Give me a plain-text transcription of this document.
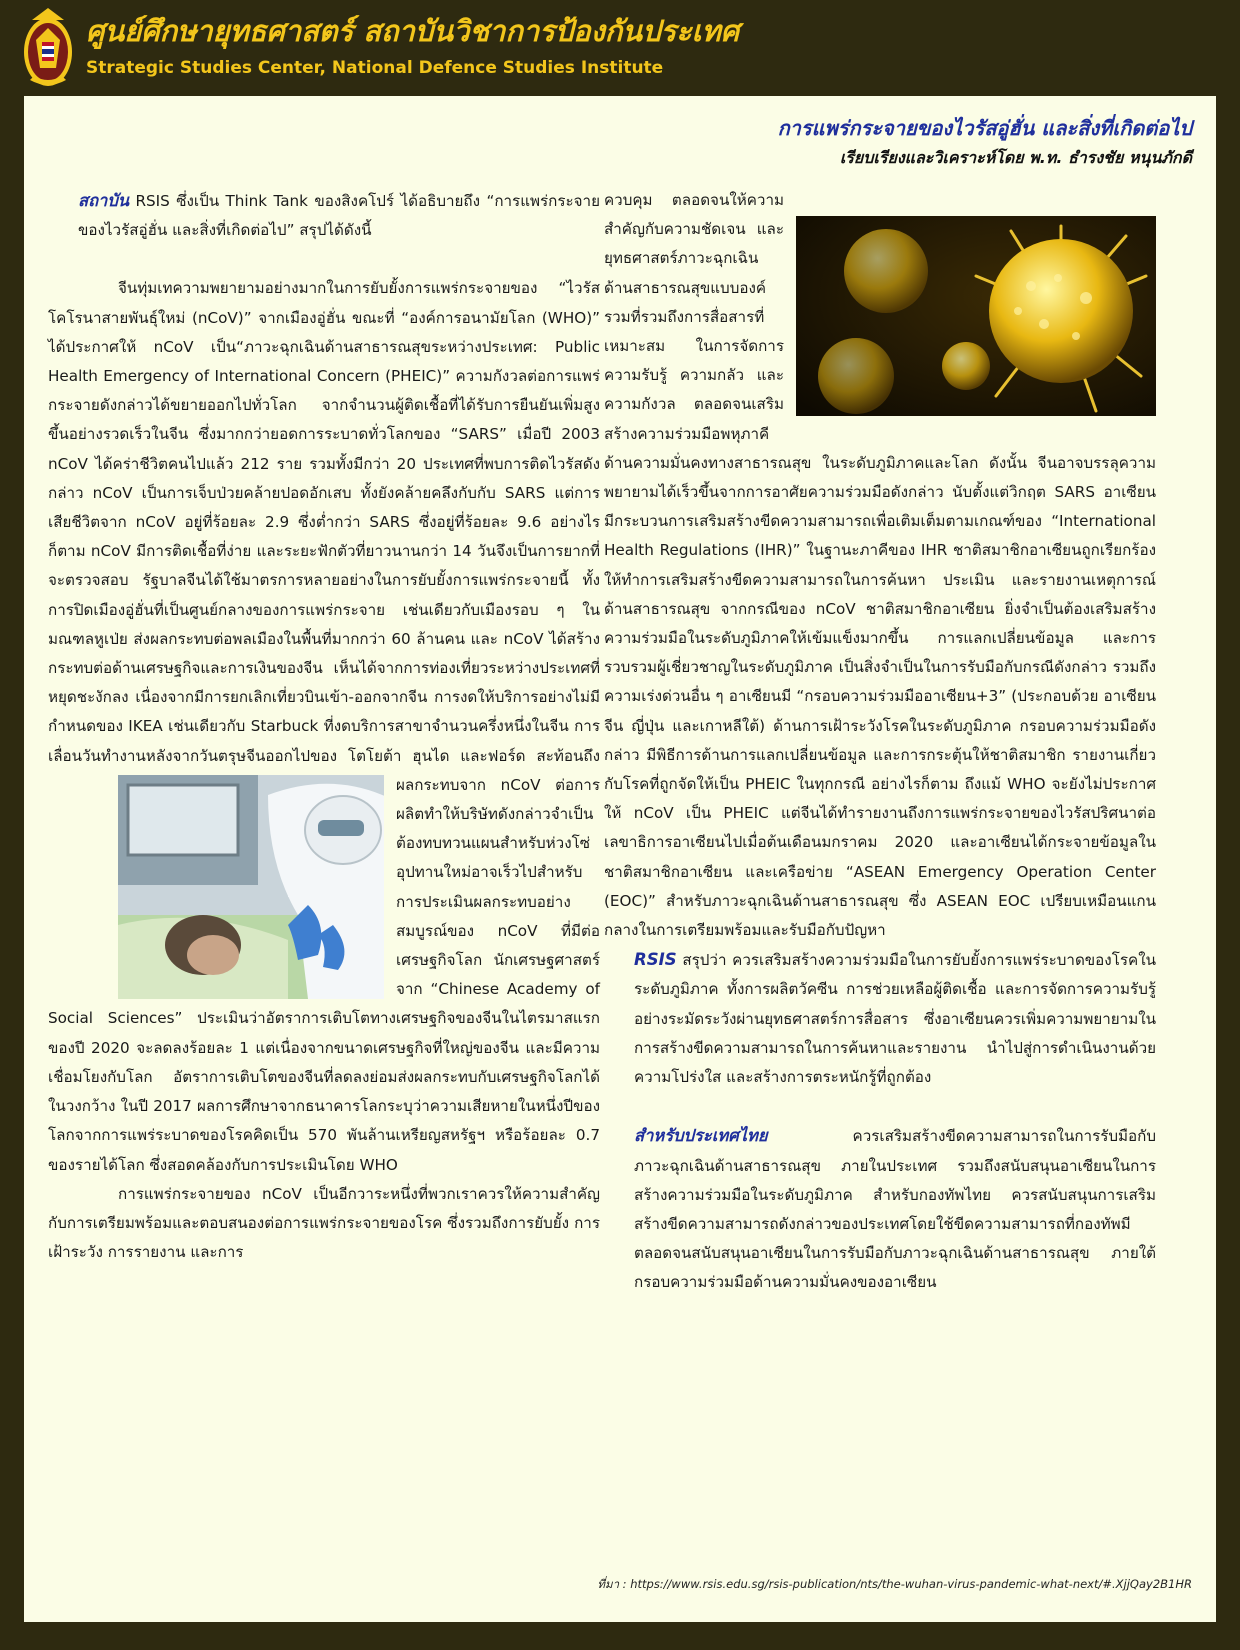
ศูนย์ศึกษายุทธศาสตร์ สถาบันวิชาการป้องกันประเทศ
Strategic Studies Center, National Defence Studies Institute
การแพร่กระจายของไวรัสอู่ฮั่น และสิ่งที่เกิดต่อไป
เรียบเรียงและวิเคราะห์โดย พ.ท. ธำรงชัย หนุนภักดี

สถาบัน RSIS ซึ่งเป็น Think Tank ของสิงคโปร์ ได้อธิบายถึง “การแพร่กระจายของไวรัสอู่ฮั่น และสิ่งที่เกิดต่อไป” สรุปได้ดังนี้

จีนทุ่มเทความพยายามอย่างมากในการยับยั้งการแพร่กระจายของ “ไวรัสโคโรนาสายพันธุ์ใหม่ (nCoV)” จากเมืองอู่ฮั่น ขณะที่ “องค์การอนามัยโลก (WHO)” ได้ประกาศให้ nCoV เป็น“ภาวะฉุกเฉินด้านสาธารณสุขระหว่างประเทศ: Public Health Emergency of International Concern (PHEIC)” ความกังวลต่อการแพร่กระจายดังกล่าวได้ขยายออกไปทั่วโลก จากจำนวนผู้ติดเชื้อที่ได้รับการยืนยันเพิ่มสูงขึ้นอย่างรวดเร็วในจีน ซึ่งมากกว่ายอดการระบาดทั่วโลกของ “SARS” เมื่อปี 2003 nCoV ได้คร่าชีวิตคนไปแล้ว 212 ราย รวมทั้งมีกว่า 20 ประเทศที่พบการติดไวรัสดังกล่าว nCoV เป็นการเจ็บป่วยคล้ายปอดอักเสบ ทั้งยังคล้ายคลึงกับกับ SARS แต่การเสียชีวิตจาก nCoV อยู่ที่ร้อยละ 2.9 ซึ่งต่ำกว่า SARS ซึ่งอยู่ที่ร้อยละ 9.6 อย่างไรก็ตาม nCoV มีการติดเชื้อที่ง่าย และระยะฟักตัวที่ยาวนานกว่า 14 วันจึงเป็นการยากที่จะตรวจสอบ รัฐบาลจีนได้ใช้มาตรการหลายอย่างในการยับยั้งการแพร่กระจายนี้ ทั้งการปิดเมืองอู่ฮั่นที่เป็นศูนย์กลางของการแพร่กระจาย เช่นเดียวกับเมืองรอบ ๆ ในมณฑลหูเป่ย ส่งผลกระทบต่อพลเมืองในพื้นที่มากกว่า 60 ล้านคน และ nCoV ได้สร้างกระทบต่อด้านเศรษฐกิจและการเงินของจีน เห็นได้จากการท่องเที่ยวระหว่างประเทศที่หยุดชะงักลง เนื่องจากมีการยกเลิกเที่ยวบินเข้า-ออกจากจีน การงดให้บริการอย่างไม่มีกำหนดของ IKEA เช่นเดียวกับ Starbuck ที่งดบริการสาขาจำนวนครึ่งหนึ่งในจีน การเลื่อนวันทำงานหลังจากวันตรุษจีนออกไปของ โตโยต้า ฮุนได
และฟอร์ด สะท้อนถึงผลกระทบจาก nCoV ต่อการผลิตทำให้บริษัทดังกล่าวจำเป็นต้องทบทวนแผนสำหรับห่วงโซ่อุปทานใหม่อาจเร็วไปสำหรับการประเมินผลกระทบอย่างสมบูรณ์ของ nCoV ที่มีต่อเศรษฐกิจโลก นักเศรษฐศาสตร์จาก “Chinese Academy of Social Sciences” ประเมินว่าอัตราการเติบโตทางเศรษฐกิจของจีนในไตรมาสแรกของปี 2020 จะลดลงร้อยละ 1 แต่เนื่องจากขนาดเศรษฐกิจที่ใหญ่ของจีน และมีความเชื่อมโยงกับโลก อัตราการเติบโตของจีนที่ลดลงย่อมส่งผลกระทบกับเศรษฐกิจโลกได้ในวงกว้าง ในปี 2017 ผลการศึกษาจากธนาคารโลกระบุว่าความเสียหายในหนึ่งปีของโลกจากการแพร่ระบาดของโรคคิดเป็น 570 พันล้านเหรียญสหรัฐฯ หรือร้อยละ 0.7 ของรายได้โลก ซึ่งสอดคล้องกับการประเมินโดย WHO

การแพร่กระจายของ nCoV เป็นอีกวาระหนึ่งที่พวกเราควรให้ความสำคัญกับการเตรียมพร้อมและตอบสนองต่อการแพร่กระจายของโรค ซึ่งรวมถึงการยับยั้ง การเฝ้าระวัง การรายงาน และการ

ควบคุม ตลอดจนให้ความสำคัญกับความชัดเจน และยุทธศาสตร์ภาวะฉุกเฉินด้านสาธารณสุขแบบองค์รวมที่รวมถึงการสื่อสารที่เหมาะสม ในการจัดการความรับรู้ ความกลัว และความกังวล ตลอดจนเสริมสร้างความร่วมมือพหุภาคีด้านความมั่นคงทางสาธารณสุข ในระดับภูมิภาคและโลก ดังนั้น จีนอาจบรรลุความพยายามได้เร็วขึ้นจากการอาศัยความร่วมมือดังกล่าว นับตั้งแต่วิกฤต SARS อาเซียน มีกระบวนการเสริมสร้างขีดความสามารถเพื่อเติมเต็มตามเกณฑ์ของ “International Health Regulations (IHR)” ในฐานะภาคีของ IHR ชาติสมาชิกอาเซียนถูกเรียกร้องให้ทำการเสริมสร้างขีดความสามารถในการค้นหา ประเมิน และรายงานเหตุการณ์ด้านสาธารณสุข จากกรณีของ nCoV ชาติสมาชิกอาเซียน ยิ่งจำเป็นต้องเสริมสร้างความร่วมมือในระดับภูมิภาคให้เข้มแข็งมากขึ้น การแลกเปลี่ยนข้อมูล และการรวบรวมผู้เชี่ยวชาญในระดับภูมิภาค เป็นสิ่งจำเป็นในการรับมือกับกรณีดังกล่าว รวมถึงความเร่งด่วนอื่น ๆ อาเซียนมี “กรอบความร่วมมืออาเซียน+3” (ประกอบด้วย อาเซียน จีน ญี่ปุ่น และเกาหลีใต้) ด้านการเฝ้าระวังโรคในระดับภูมิภาค กรอบความร่วมมือดังกล่าว มีพิธีการด้านการแลกเปลี่ยนข้อมูล และการกระตุ้นให้ชาติสมาชิก รายงานเกี่ยวกับโรคที่ถูกจัดให้เป็น PHEIC ในทุกกรณี อย่างไรก็ตาม ถึงแม้ WHO จะยังไม่ประกาศให้ nCoV เป็น PHEIC แต่จีนได้ทำรายงานถึงการแพร่กระจายของไวรัสปริศนาต่อเลขาธิการอาเซียนไปเมื่อต้นเดือนมกราคม 2020 และอาเซียนได้กระจายข้อมูลในชาติสมาชิกอาเซียน และเครือข่าย “ASEAN Emergency Operation Center (EOC)” สำหรับภาวะฉุกเฉินด้านสาธารณสุข ซึ่ง ASEAN EOC เปรียบเหมือนแกนกลางในการเตรียมพร้อมและรับมือกับปัญหา

RSIS สรุปว่า ควรเสริมสร้างความร่วมมือในการยับยั้งการแพร่ระบาดของโรคในระดับภูมิภาค ทั้งการผลิตวัคซีน การช่วยเหลือผู้ติดเชื้อ และการจัดการความรับรู้อย่างระมัดระวังผ่านยุทธศาสตร์การสื่อสาร ซึ่งอาเซียนควรเพิ่มความพยายามในการสร้างขีดความสามารถในการค้นหาและรายงาน นำไปสู่การดำเนินงานด้วยความโปร่งใส และสร้างการตระหนักรู้ที่ถูกต้อง

สำหรับประเทศไทย ควรเสริมสร้างขีดความสามารถในการรับมือกับภาวะฉุกเฉินด้านสาธารณสุข ภายในประเทศ รวมถึงสนับสนุนอาเซียนในการสร้างความร่วมมือในระดับภูมิภาค สำหรับกองทัพไทย ควรสนับสนุนการเสริมสร้างขีดความสามารถดังกล่าวของประเทศโดยใช้ขีดความสามารถที่กองทัพมี ตลอดจนสนับสนุนอาเซียนในการรับมือกับภาวะฉุกเฉินด้านสาธารณสุข ภายใต้กรอบความร่วมมือด้านความมั่นคงของอาเซียน

ที่มา : https://www.rsis.edu.sg/rsis-publication/nts/the-wuhan-virus-pandemic-what-next/#.XjjQay2B1HR
